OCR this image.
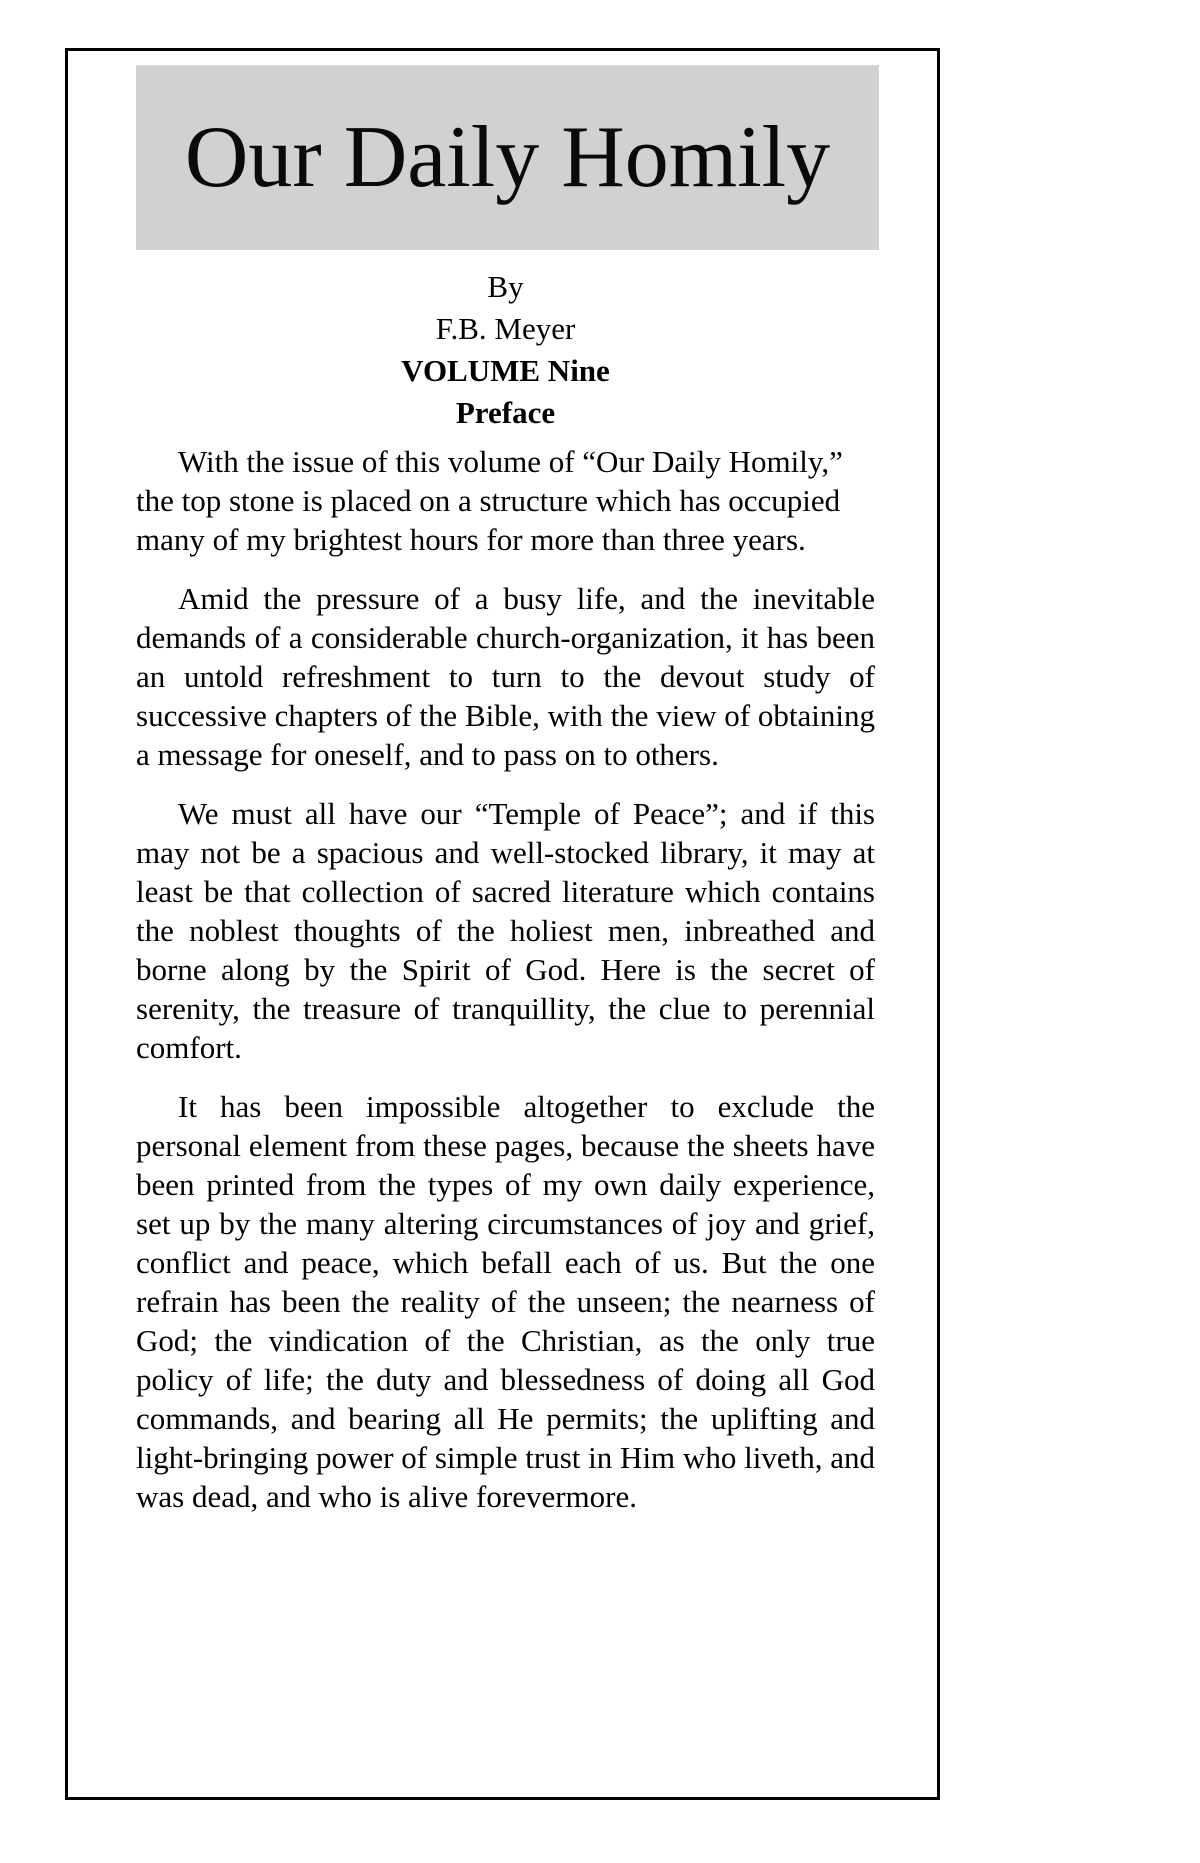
Our Daily Homily
By
F.B. Meyer
VOLUME Nine
Preface

With the issue of this volume of “Our Daily Homily,” the top stone is placed on a structure which has occupied many of my brightest hours for more than three years.

Amid the pressure of a busy life, and the inevitable demands of a considerable church-organization, it has been an untold refreshment to turn to the devout study of successive chapters of the Bible, with the view of obtaining a message for oneself, and to pass on to others.

We must all have our “Temple of Peace”; and if this may not be a spacious and well-stocked library, it may at least be that collection of sacred literature which contains the noblest thoughts of the holiest men, inbreathed and borne along by the Spirit of God. Here is the secret of serenity, the treasure of tranquillity, the clue to perennial comfort.

It has been impossible altogether to exclude the personal element from these pages, because the sheets have been printed from the types of my own daily experience, set up by the many altering circumstances of joy and grief, conflict and peace, which befall each of us. But the one refrain has been the reality of the unseen; the nearness of God; the vindication of the Christian, as the only true policy of life; the duty and blessedness of doing all God commands, and bearing all He permits; the uplifting and light-bringing power of simple trust in Him who liveth, and was dead, and who is alive forevermore.
